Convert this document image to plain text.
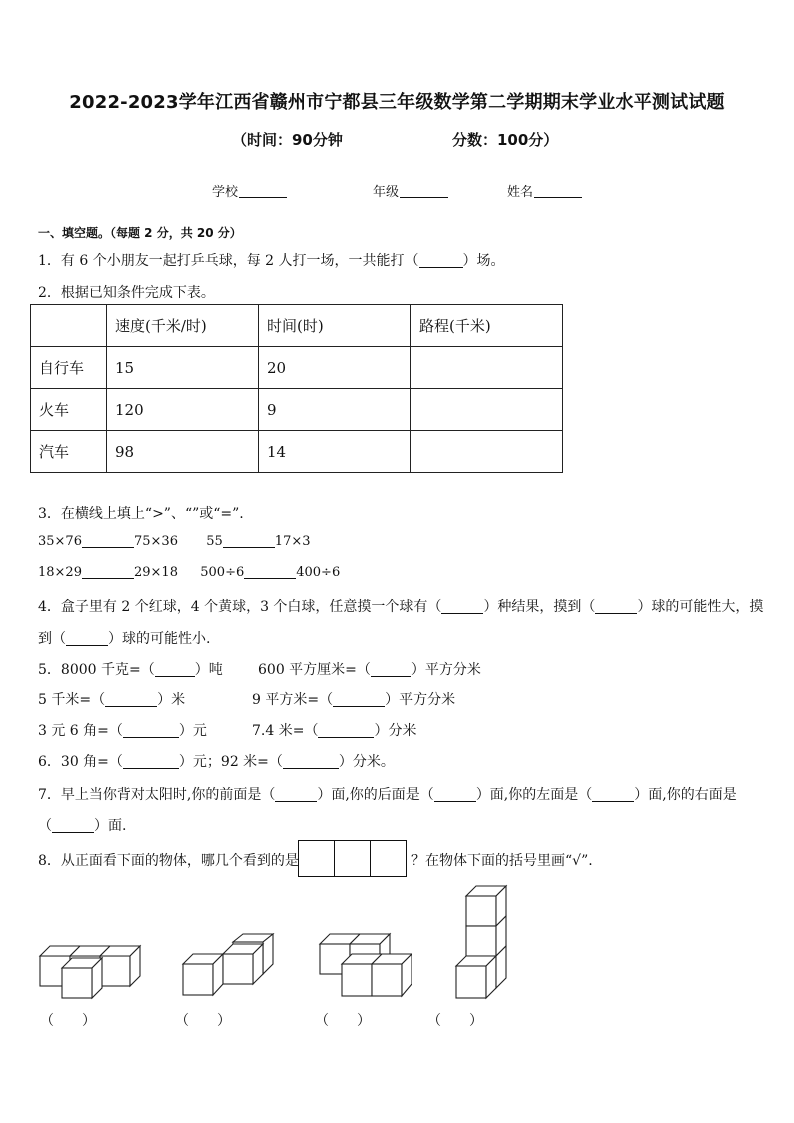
2022-2023学年江西省赣州市宁都县三年级数学第二学期期末学业水平测试试题
（时间：90分钟	分数：100分）
学校	年级	姓名
一、填空题。（每题 2 分，共 20 分）
1．有 6 个小朋友一起打乒乓球，每 2 人打一场，一共能打（	）场。
2．根据已知条件完成下表。
	速度(千米/时)	时间(时)	路程(千米)
自行车	15	20	
火车	120	9	
汽车	98	14	
3．在横线上填上“>”、“”或“=”.
35×76	75×36 55	17×3
18×29	29×18 500÷6	400÷6
4．盒子里有 2 个红球，4 个黄球，3 个白球，任意摸一个球有（	）种结果，摸到（	）球的可能性大，摸
到（	）球的可能性小.
5．8000 千克=（	）吨	600 平方厘米=（	）平方分米
5 千米=（	）米	9 平方米=（	）平方分米
3 元 6 角=（	）元	7.4 米=（	）分米
6．30 角=（	）元；92 米=（	）分米。
7．早上当你背对太阳时,你的前面是（	）面,你的后面是（	）面,你的左面是（	）面,你的右面是
（	）面.
8．从正面看下面的物体，哪几个看到的是	？在物体下面的括号里画“√”.
（　　）	（　　）	（　　）	（　　）
